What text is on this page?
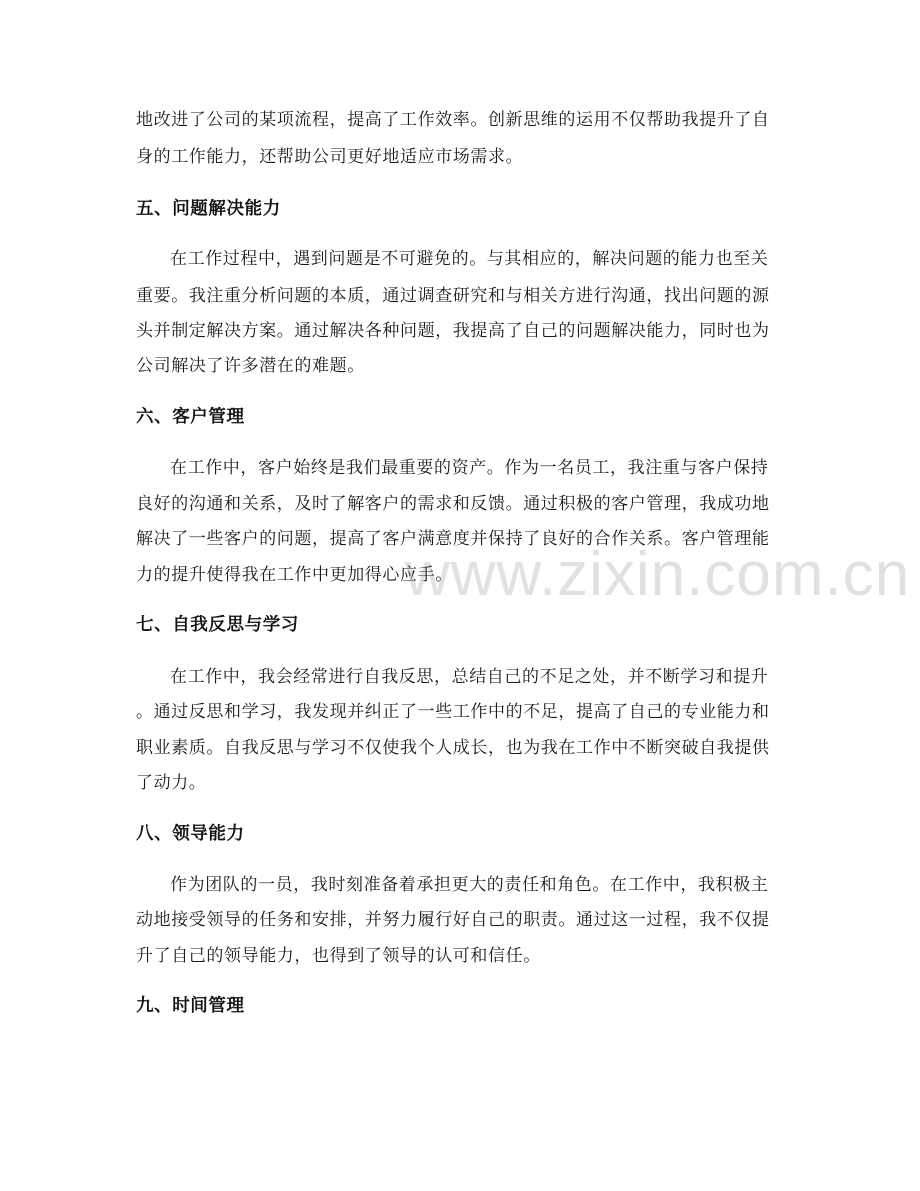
地改进了公司的某项流程，提高了工作效率。创新思维的运用不仅帮助我提升了自
身的工作能力，还帮助公司更好地适应市场需求。
五、问题解决能力
在工作过程中，遇到问题是不可避免的。与其相应的，解决问题的能力也至关
重要。我注重分析问题的本质，通过调查研究和与相关方进行沟通，找出问题的源
头并制定解决方案。通过解决各种问题，我提高了自己的问题解决能力，同时也为
公司解决了许多潜在的难题。
六、客户管理
在工作中，客户始终是我们最重要的资产。作为一名员工，我注重与客户保持
良好的沟通和关系，及时了解客户的需求和反馈。通过积极的客户管理，我成功地
解决了一些客户的问题，提高了客户满意度并保持了良好的合作关系。客户管理能
力的提升使得我在工作中更加得心应手。
七、自我反思与学习
在工作中，我会经常进行自我反思，总结自己的不足之处，并不断学习和提升
。通过反思和学习，我发现并纠正了一些工作中的不足，提高了自己的专业能力和
职业素质。自我反思与学习不仅使我个人成长，也为我在工作中不断突破自我提供
了动力。
八、领导能力
作为团队的一员，我时刻准备着承担更大的责任和角色。在工作中，我积极主
动地接受领导的任务和安排，并努力履行好自己的职责。通过这一过程，我不仅提
升了自己的领导能力，也得到了领导的认可和信任。
九、时间管理
www.zixin.com.cn
